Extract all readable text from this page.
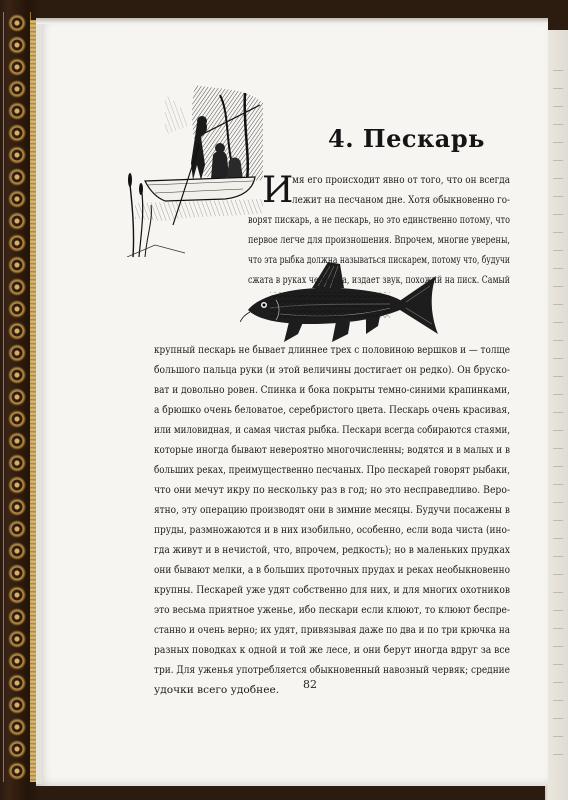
4. Пескарь
И
мя его происходит явно от того, что он всегда
лежит на песчаном дне. Хотя обыкновенно го-
ворят пискарь, а не пескарь, но это единственно потому, что
первое легче для произношения. Впрочем, многие уверены,
что эта рыбка должна называться пискарем, потому что, будучи
сжата в руках человека, издает звук, похожий на писк. Самый
крупный пескарь не бывает длиннее трех с половиною вершков и — толще
большого пальца руки (и этой величины достигает он редко). Он бруско-
ват и довольно ровен. Спинка и бока покрыты темно-синими крапинками,
а брюшко очень беловатое, серебристого цвета. Пескарь очень красивая,
или миловидная, и самая чистая рыбка. Пескари всегда собираются стаями,
которые иногда бывают невероятно многочисленны; водятся и в малых и в
больших реках, преимущественно песчаных. Про пескарей говорят рыбаки,
что они мечут икру по нескольку раз в год; но это несправедливо. Веро-
ятно, эту операцию производят они в зимние месяцы. Будучи посажены в
пруды, размножаются и в них изобильно, особенно, если вода чиста (ино-
гда живут и в нечистой, что, впрочем, редкость); но в маленьких прудках
они бывают мелки, а в больших проточных прудах и реках необыкновенно
крупны. Пескарей уже удят собственно для них, и для многих охотников
это весьма приятное уженье, ибо пескари если клюют, то клюют беспре-
станно и очень верно; их удят, привязывая даже по два и по три крючка на
разных поводках к одной и той же лесе, и они берут иногда вдруг за все
три. Для уженья употребляется обыкновенный навозный червяк; средние
удочки всего удобнее.	82
